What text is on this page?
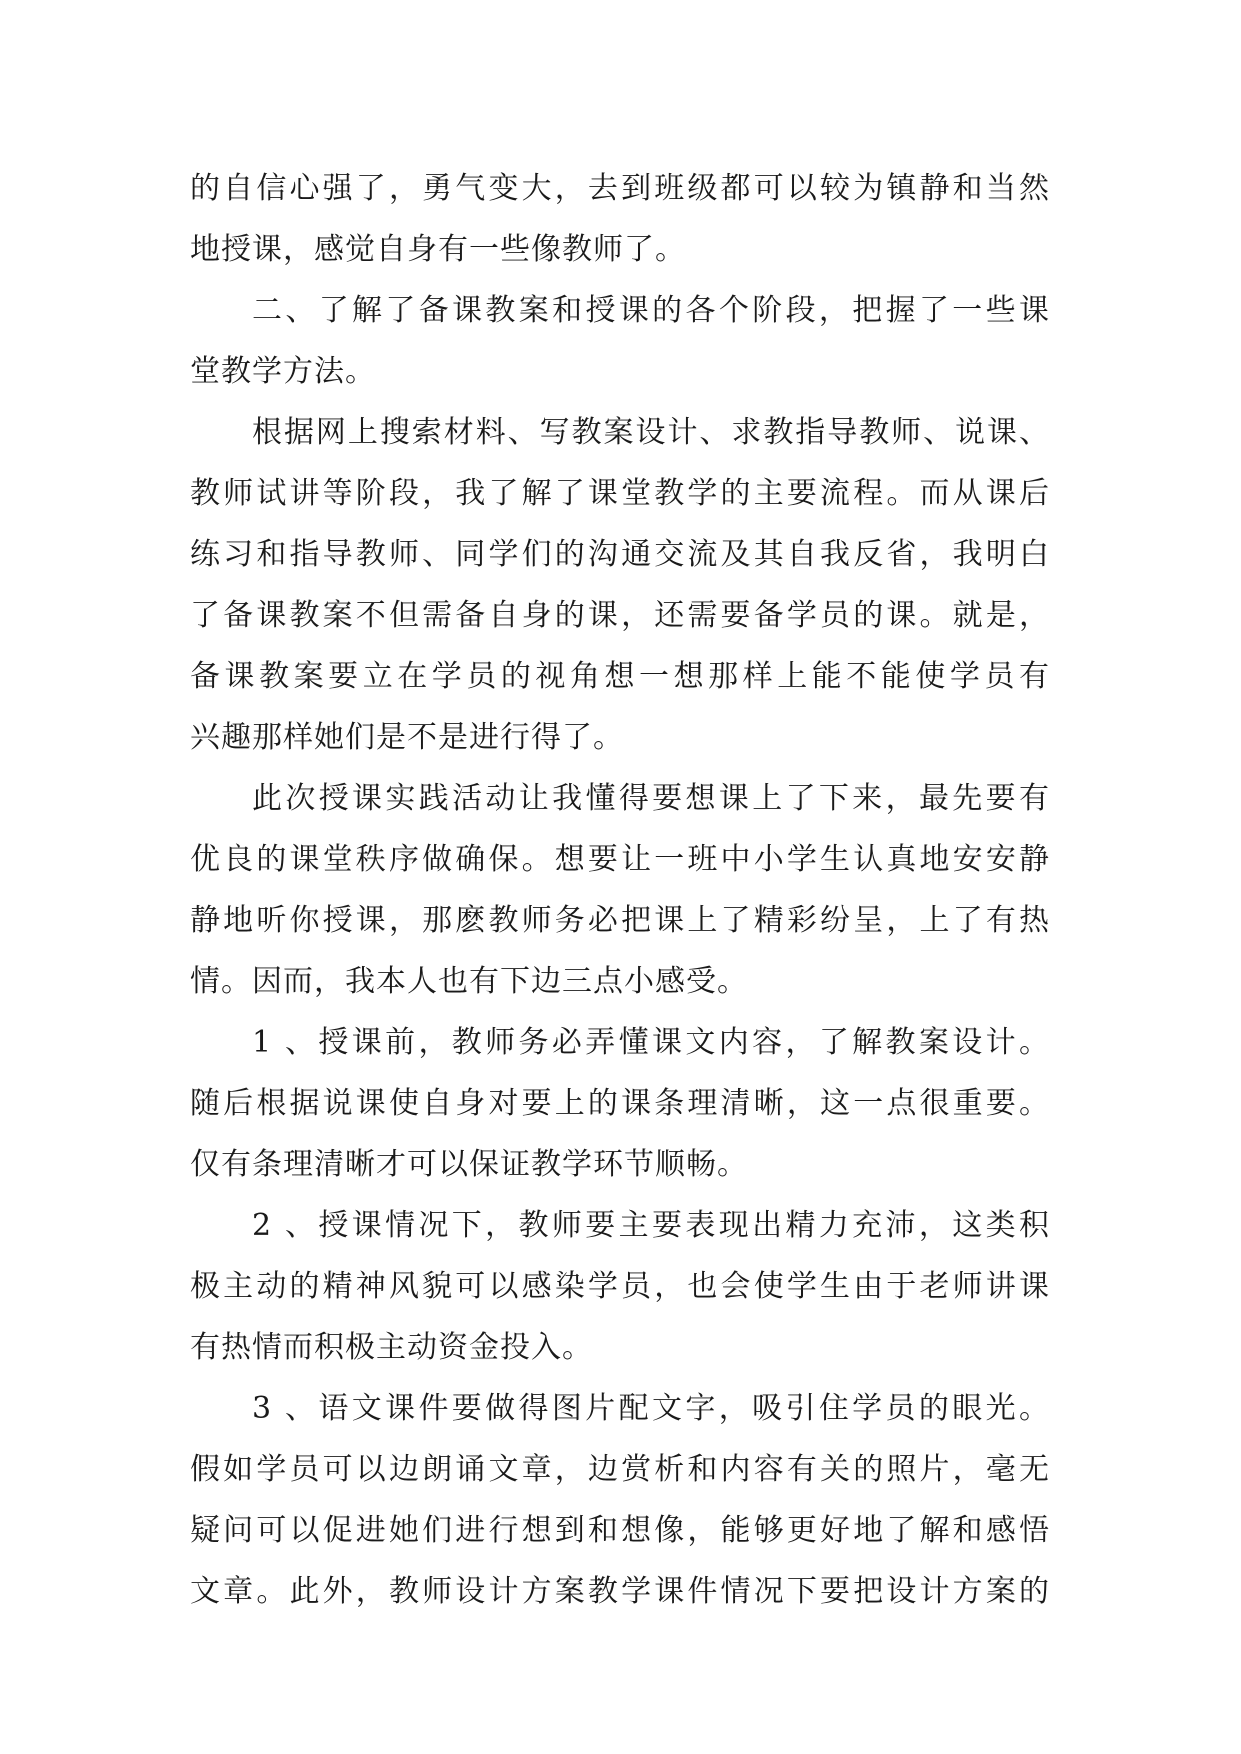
的自信心强了，勇气变大，去到班级都可以较为镇静和当然
地授课，感觉自身有一些像教师了。
二、了解了备课教案和授课的各个阶段，把握了一些课
堂教学方法。
根据网上搜索材料、写教案设计、求教指导教师、说课、
教师试讲等阶段，我了解了课堂教学的主要流程。而从课后
练习和指导教师、同学们的沟通交流及其自我反省，我明白
了备课教案不但需备自身的课，还需要备学员的课。就是，
备课教案要立在学员的视角想一想那样上能不能使学员有
兴趣那样她们是不是进行得了。
此次授课实践活动让我懂得要想课上了下来，最先要有
优良的课堂秩序做确保。想要让一班中小学生认真地安安静
静地听你授课，那麽教师务必把课上了精彩纷呈，上了有热
情。因而，我本人也有下边三点小感受。
1 、授课前，教师务必弄懂课文内容，了解教案设计。
随后根据说课使自身对要上的课条理清晰，这一点很重要。
仅有条理清晰才可以保证教学环节顺畅。
2 、授课情况下，教师要主要表现出精力充沛，这类积
极主动的精神风貌可以感染学员，也会使学生由于老师讲课
有热情而积极主动资金投入。
3 、语文课件要做得图片配文字，吸引住学员的眼光。
假如学员可以边朗诵文章，边赏析和内容有关的照片，毫无
疑问可以促进她们进行想到和想像，能够更好地了解和感悟
文章。此外，教师设计方案教学课件情况下要把设计方案的
